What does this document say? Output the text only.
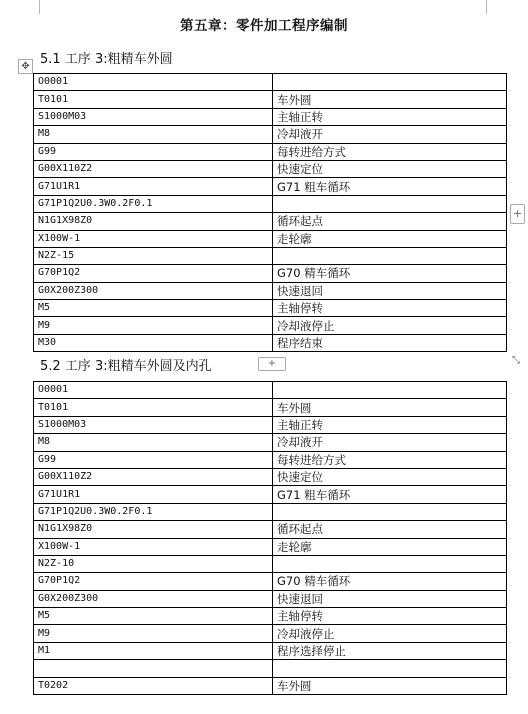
第五章：零件加工程序编制
✥ 5.1 工序 3:粗精车外圆
O0001	
T0101	车外圆
S1000M03	主轴正转
M8	冷却液开
G99	每转进给方式
G00X110Z2	快速定位
G71U1R1	G71 粗车循环
G71P1Q2U0.3W0.2F0.1	
N1G1X98Z0	循环起点
X100W-1	走轮廓
N2Z-15	
G70P1Q2	G70 精车循环
G0X200Z300	快速退回
M5	主轴停转
M9	冷却液停止
M30	程序结束
+
5.2 工序 3:粗精车外圆及内孔	+	⤡
O0001	
T0101	车外圆
S1000M03	主轴正转
M8	冷却液开
G99	每转进给方式
G00X110Z2	快速定位
G71U1R1	G71 粗车循环
G71P1Q2U0.3W0.2F0.1	
N1G1X98Z0	循环起点
X100W-1	走轮廓
N2Z-10	
G70P1Q2	G70 精车循环
G0X200Z300	快速退回
M5	主轴停转
M9	冷却液停止
M1	程序选择停止

T0202	车外圆
